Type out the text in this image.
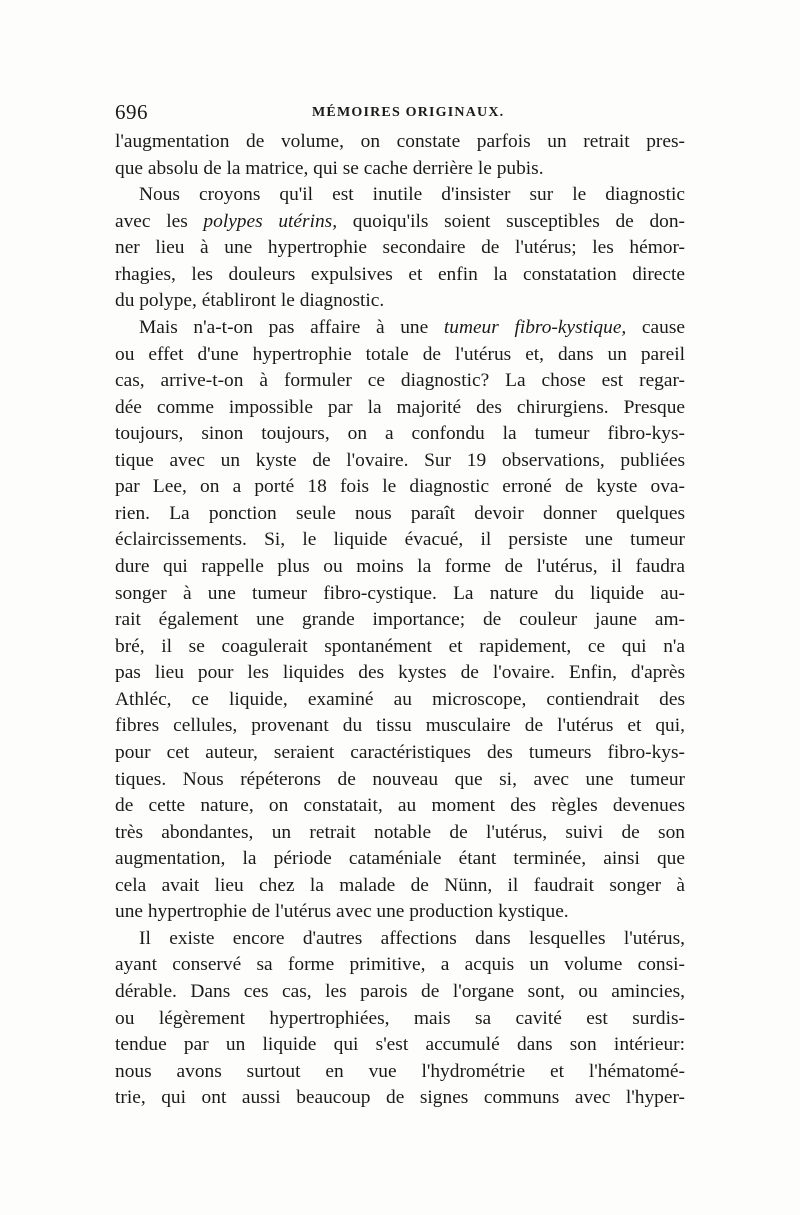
696	MÉMOIRES ORIGINAUX.
l'augmentation de volume, on constate parfois un retrait pres-
que absolu de la matrice, qui se cache derrière le pubis.
Nous croyons qu'il est inutile d'insister sur le diagnostic
avec les polypes utérins, quoiqu'ils soient susceptibles de don-
ner lieu à une hypertrophie secondaire de l'utérus; les hémor-
rhagies, les douleurs expulsives et enfin la constatation directe
du polype, établiront le diagnostic.
Mais n'a-t-on pas affaire à une tumeur fibro-kystique, cause
ou effet d'une hypertrophie totale de l'utérus et, dans un pareil
cas, arrive-t-on à formuler ce diagnostic? La chose est regar-
dée comme impossible par la majorité des chirurgiens. Presque
toujours, sinon toujours, on a confondu la tumeur fibro-kys-
tique avec un kyste de l'ovaire. Sur 19 observations, publiées
par Lee, on a porté 18 fois le diagnostic erroné de kyste ova-
rien. La ponction seule nous paraît devoir donner quelques
éclaircissements. Si, le liquide évacué, il persiste une tumeur
dure qui rappelle plus ou moins la forme de l'utérus, il faudra
songer à une tumeur fibro-cystique. La nature du liquide au-
rait également une grande importance; de couleur jaune am-
bré, il se coagulerait spontanément et rapidement, ce qui n'a
pas lieu pour les liquides des kystes de l'ovaire. Enfin, d'après
Athléc, ce liquide, examiné au microscope, contiendrait des
fibres cellules, provenant du tissu musculaire de l'utérus et qui,
pour cet auteur, seraient caractéristiques des tumeurs fibro-kys-
tiques. Nous répéterons de nouveau que si, avec une tumeur
de cette nature, on constatait, au moment des règles devenues
très abondantes, un retrait notable de l'utérus, suivi de son
augmentation, la période cataméniale étant terminée, ainsi que
cela avait lieu chez la malade de Nünn, il faudrait songer à
une hypertrophie de l'utérus avec une production kystique.
Il existe encore d'autres affections dans lesquelles l'utérus,
ayant conservé sa forme primitive, a acquis un volume consi-
dérable. Dans ces cas, les parois de l'organe sont, ou amincies,
ou légèrement hypertrophiées, mais sa cavité est surdis-
tendue par un liquide qui s'est accumulé dans son intérieur:
nous avons surtout en vue l'hydrométrie et l'hématomé-
trie, qui ont aussi beaucoup de signes communs avec l'hyper-
